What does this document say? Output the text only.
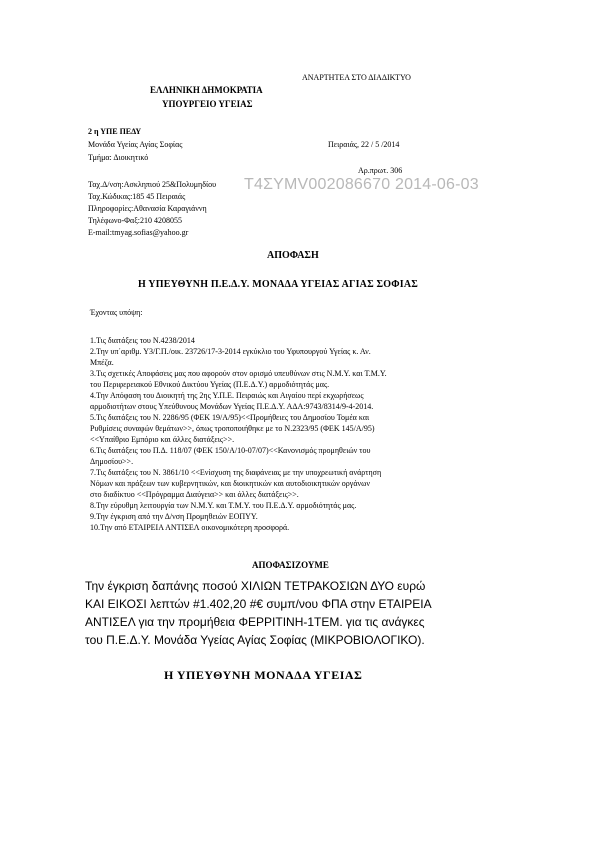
ΑΝΑΡΤΗΤΕΑ ΣΤΟ ΔΙΑΔΙΚΤΥΟ
ΕΛΛΗΝΙΚΗ ΔΗΜΟΚΡΑΤΙΑ
ΥΠΟΥΡΓΕΙΟ ΥΓΕΙΑΣ
2 η ΥΠΕ ΠΕΔΥ
Μονάδα Υγείας Αγίας Σοφίας	Πειραιάς, 22 / 5 /2014
Τμήμα: Διοικητικό
Αρ.πρωτ. 306
Ταχ.Δ/νση:Ασκληπιού 25&Πολυμηδίου Τ4ΣΥΜV002086670 2014-06-03
Ταχ.Κώδικας:185 45 Πειραιάς
Πληροφορίες:Αθανασία Καραγιάννη
Τηλέφωνο-Φαξ:210 4208055
E-mail:tmyag.sofias@yahoo.gr
ΑΠΟΦΑΣΗ
Η ΥΠΕΥΘΥΝΗ Π.Ε.Δ.Υ. ΜΟΝΑΔΑ ΥΓΕΙΑΣ ΑΓΙΑΣ ΣΟΦΙΑΣ
Έχοντας υπόψη:
1.Τις διατάξεις του Ν.4238/2014
2.Την υπ΄αριθμ. Υ3/Γ.Π./οικ. 23726/17-3-2014 εγκύκλιο του Υφυπουργού Υγείας κ. Αν.
Μπέζα.
3.Τις σχετικές Αποφάσεις μας που αφορούν στον ορισμό υπευθύνων στις Ν.Μ.Υ. και Τ.Μ.Υ.
του Περιφερειακού Εθνικού Δικτύου Υγείας (Π.Ε.Δ.Υ.) αρμοδιότητάς μας.
4.Την Απόφαση του Διοικητή της 2ης Υ.Π.Ε. Πειραιώς και Αιγαίου περί εκχωρήσεως
αρμοδιοτήτων στους Υπεύθυνους Μονάδων Υγείας Π.Ε.Δ.Υ. ΑΔΑ:9743/8314/9-4-2014.
5.Τις διατάξεις του Ν. 2286/95 (ΦΕΚ 19/Α/95)<<Προμήθειες του Δημοσίου Τομέα και
Ρυθμίσεις συναφών θεμάτων>>, όπως τροποποιήθηκε με το Ν.2323/95 (ΦΕΚ 145/Α/95)
<<Υπαίθριο Εμπόριο και άλλες διατάξεις>>.
6.Τις διατάξεις του Π.Δ. 118/07 (ΦΕΚ 150/Α/10-07/07)<<Κανονισμός προμηθειών του
Δημοσίου>>.
7.Τις διατάξεις του Ν. 3861/10 <<Ενίσχυση της διαφάνειας με την υποχρεωτική ανάρτηση
Νόμων και πράξεων των κυβερνητικών, και διοικητικών και αυτοδιοικητικών οργάνων
στο διαδίκτυο <<Πρόγραμμα Διαύγεια>> και άλλες διατάξεις>>.
8.Την εύρυθμη λειτουργία των Ν.Μ.Υ. και Τ.Μ.Υ. του Π.Ε.Δ.Υ. αρμοδιότητάς μας.
9.Την έγκριση από την Δ/νση Προμηθειών ΕΟΠΥΥ.
10.Την από ΕΤΑΙΡΕΙΑ ΑΝΤΙΣΕΛ οικονομικότερη προσφορά.
ΑΠΟΦΑΣΙΖΟΥΜΕ
Την έγκριση δαπάνης ποσού ΧΙΛΙΩΝ ΤΕΤΡΑΚΟΣΙΩΝ ΔΥΟ ευρώ
ΚΑΙ ΕΙΚΟΣΙ λεπτών #1.402,20 #€ συμπ/νου ΦΠΑ στην ΕΤΑΙΡΕΙΑ
ΑΝΤΙΣΕΛ για την προμήθεια ΦΕΡΡΙΤΙΝΗ-1ΤΕΜ. για τις ανάγκες
του Π.Ε.Δ.Υ. Μονάδα Υγείας Αγίας Σοφίας (ΜΙΚΡΟΒΙΟΛΟΓΙΚΟ).
Η ΥΠΕΥΘΥΝΗ ΜΟΝΑΔΑ ΥΓΕΙΑΣ
